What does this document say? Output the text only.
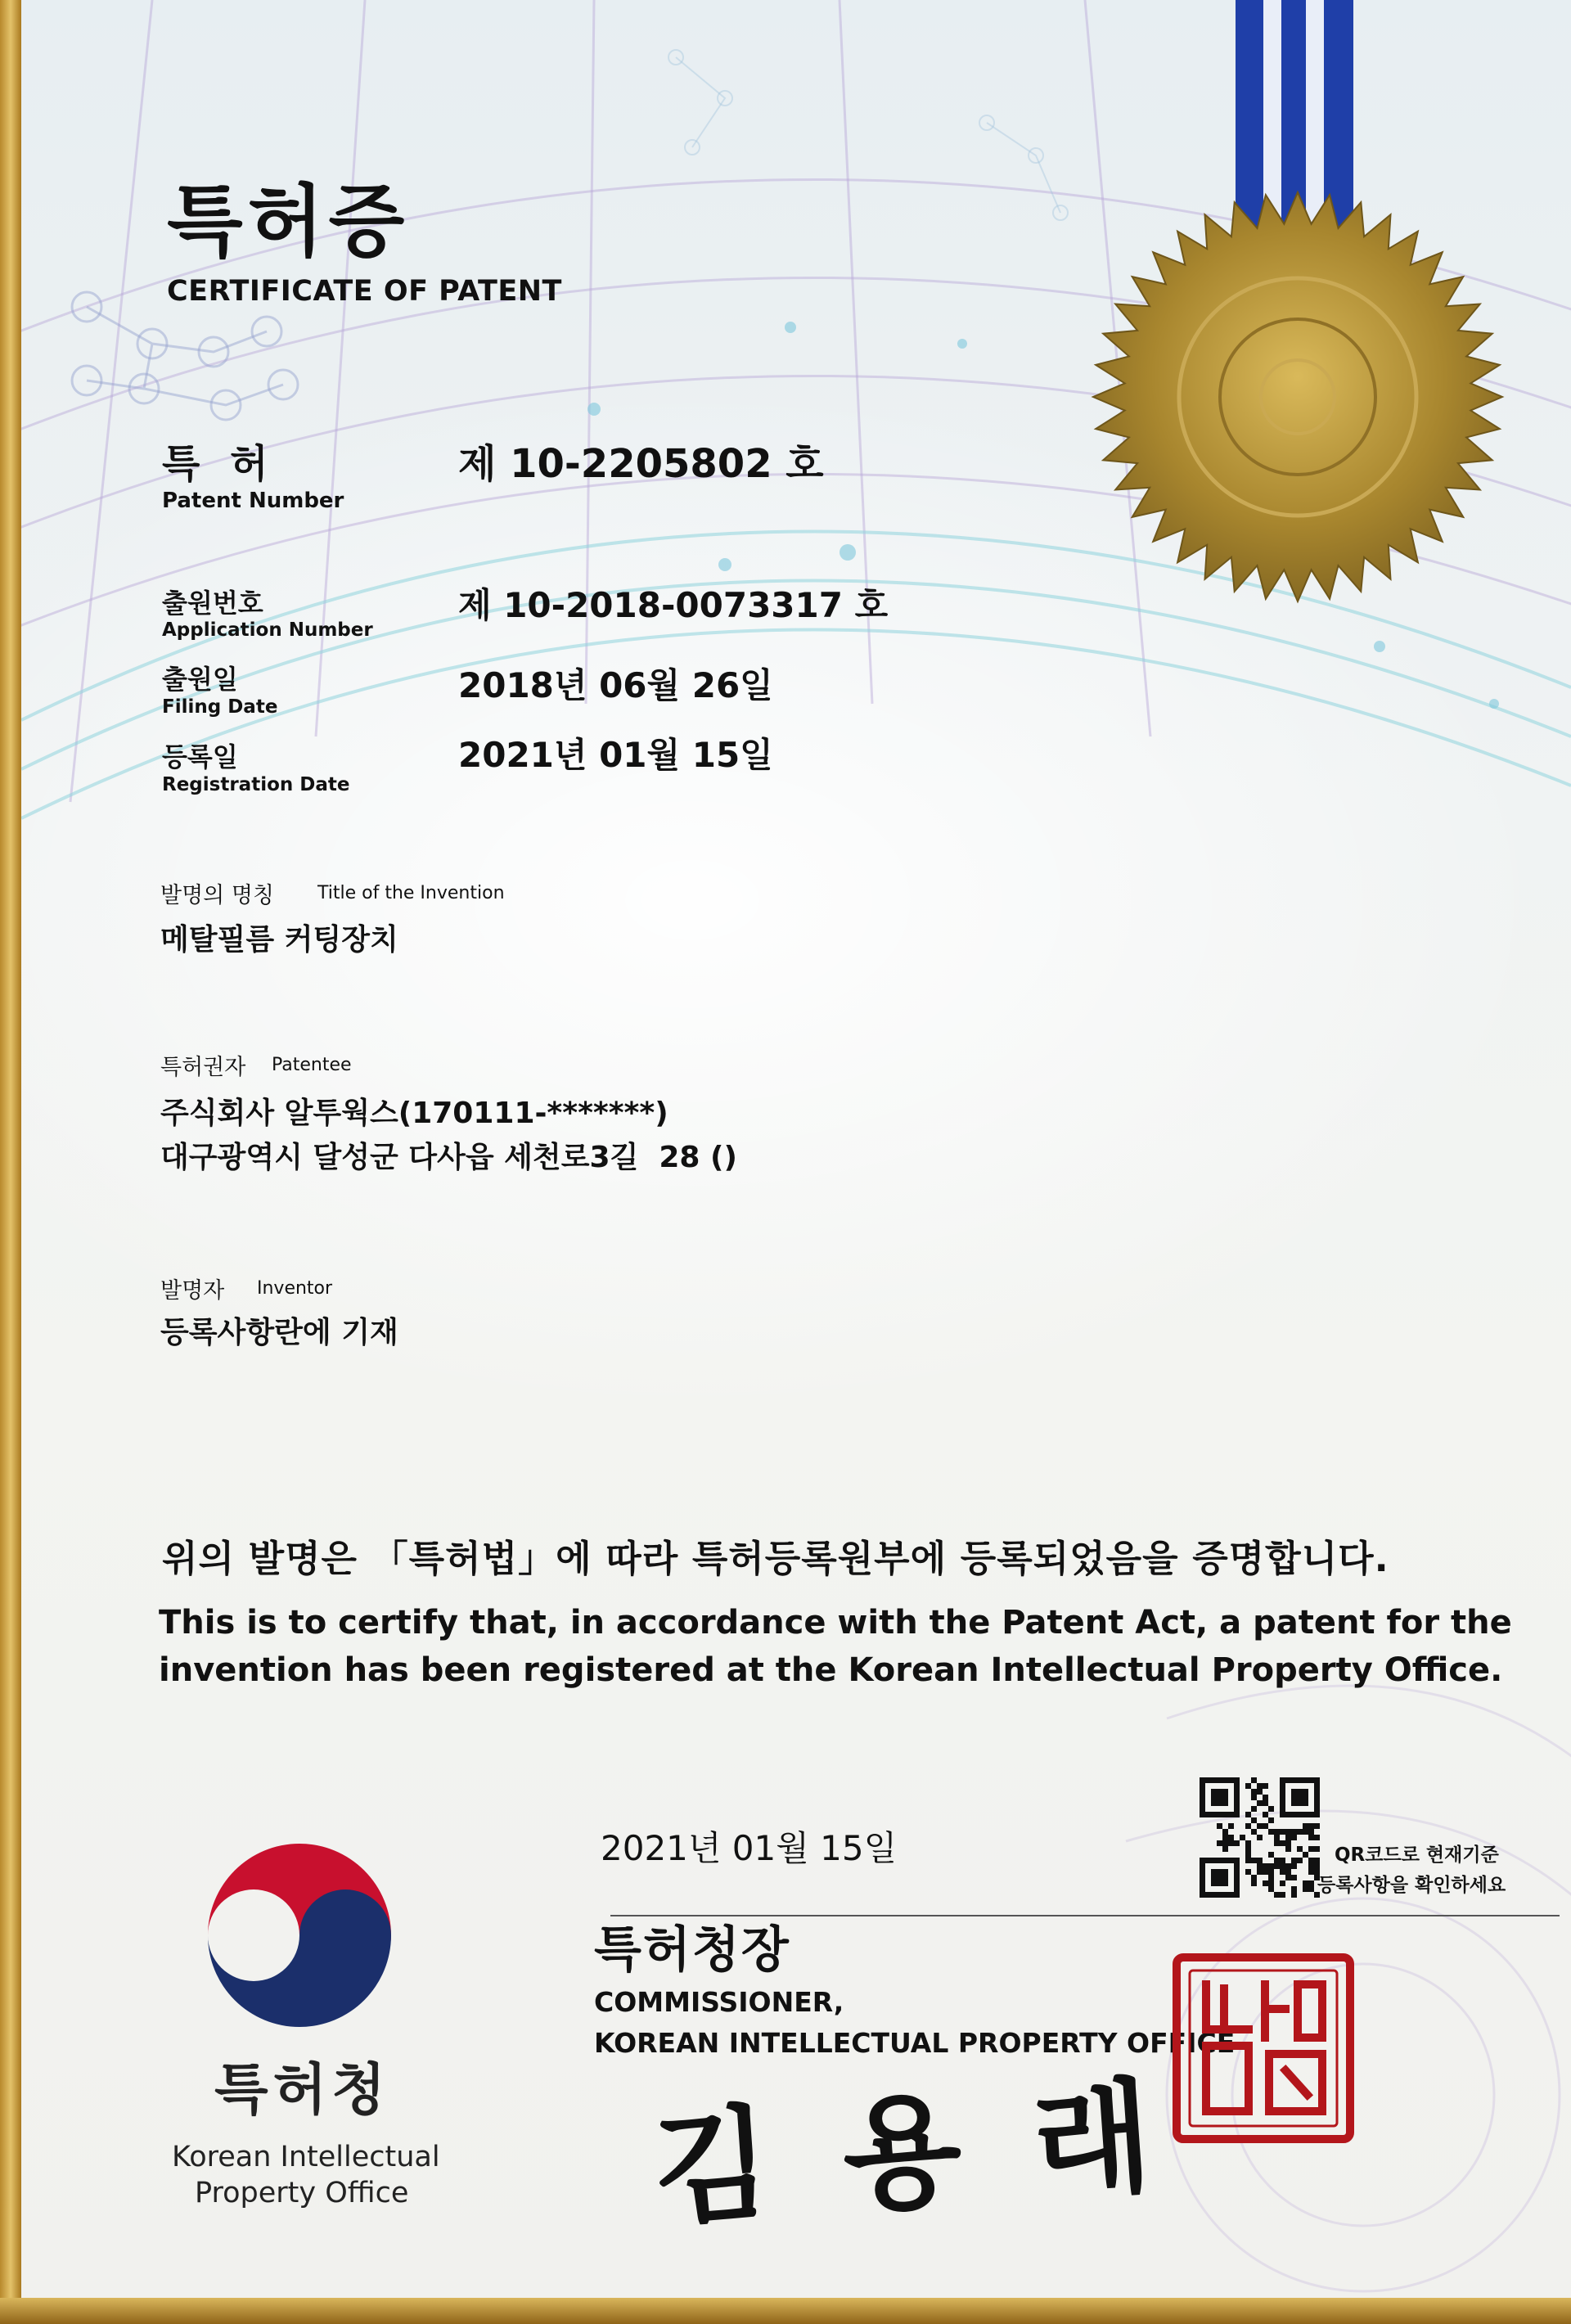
특허증
CERTIFICATE OF PATENT
특 허
Patent Number
제 10-2205802 호
출원번호
Application Number
제 10-2018-0073317 호
출원일
Filing Date
2018년 06월 26일
등록일
Registration Date
2021년 01월 15일
발명의 명칭 Title of the Invention
메탈필름 커팅장치
특허권자 Patentee
주식회사 알투웍스(170111-*******)
대구광역시 달성군 다사읍 세천로3길  28 ()
발명자 Inventor
등록사항란에 기재
위의 발명은 「특허법」에 따라 특허등록원부에 등록되었음을 증명합니다.
This is to certify that, in accordance with the Patent Act, a patent for the
invention has been registered at the Korean Intellectual Property Office.
2021년 01월 15일	QR코드로 현재기준
등록사항을 확인하세요
특허청장
COMMISSIONER,
KOREAN INTELLECTUAL PROPERTY OFFICE
김 용 래
특허청
Korean Intellectual
Property Office
